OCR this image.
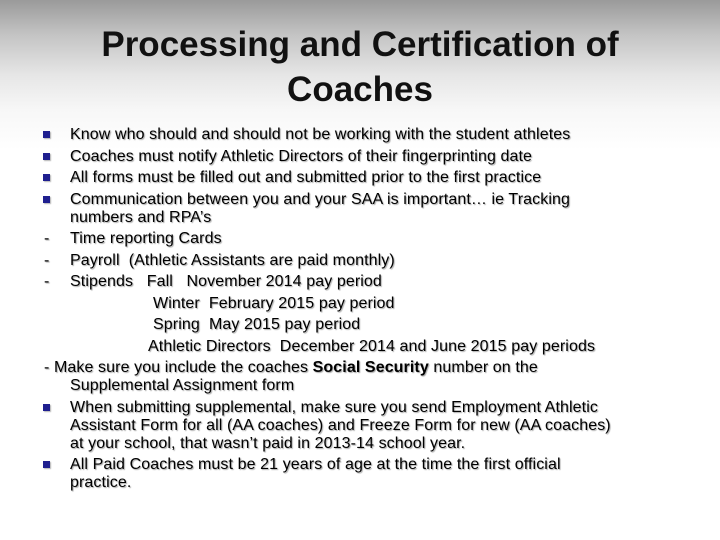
Processing and Certification of Coaches
Know who should and should not be working with the student athletes
Coaches must notify Athletic Directors of their fingerprinting date
All forms must be filled out and submitted prior to the first practice
Communication between you and your SAA is important… ie Tracking
numbers and RPA’s
- Time reporting Cards
- Payroll  (Athletic Assistants are paid monthly)
- Stipends   Fall   November 2014 pay period
Winter  February 2015 pay period
Spring  May 2015 pay period
Athletic Directors  December 2014 and June 2015 pay periods
- Make sure you include the coaches Social Security number on the
Supplemental Assignment form
When submitting supplemental, make sure you send Employment Athletic
Assistant Form for all (AA coaches) and Freeze Form for new (AA coaches)
at your school, that wasn’t paid in 2013-14 school year.
All Paid Coaches must be 21 years of age at the time the first official
practice.
